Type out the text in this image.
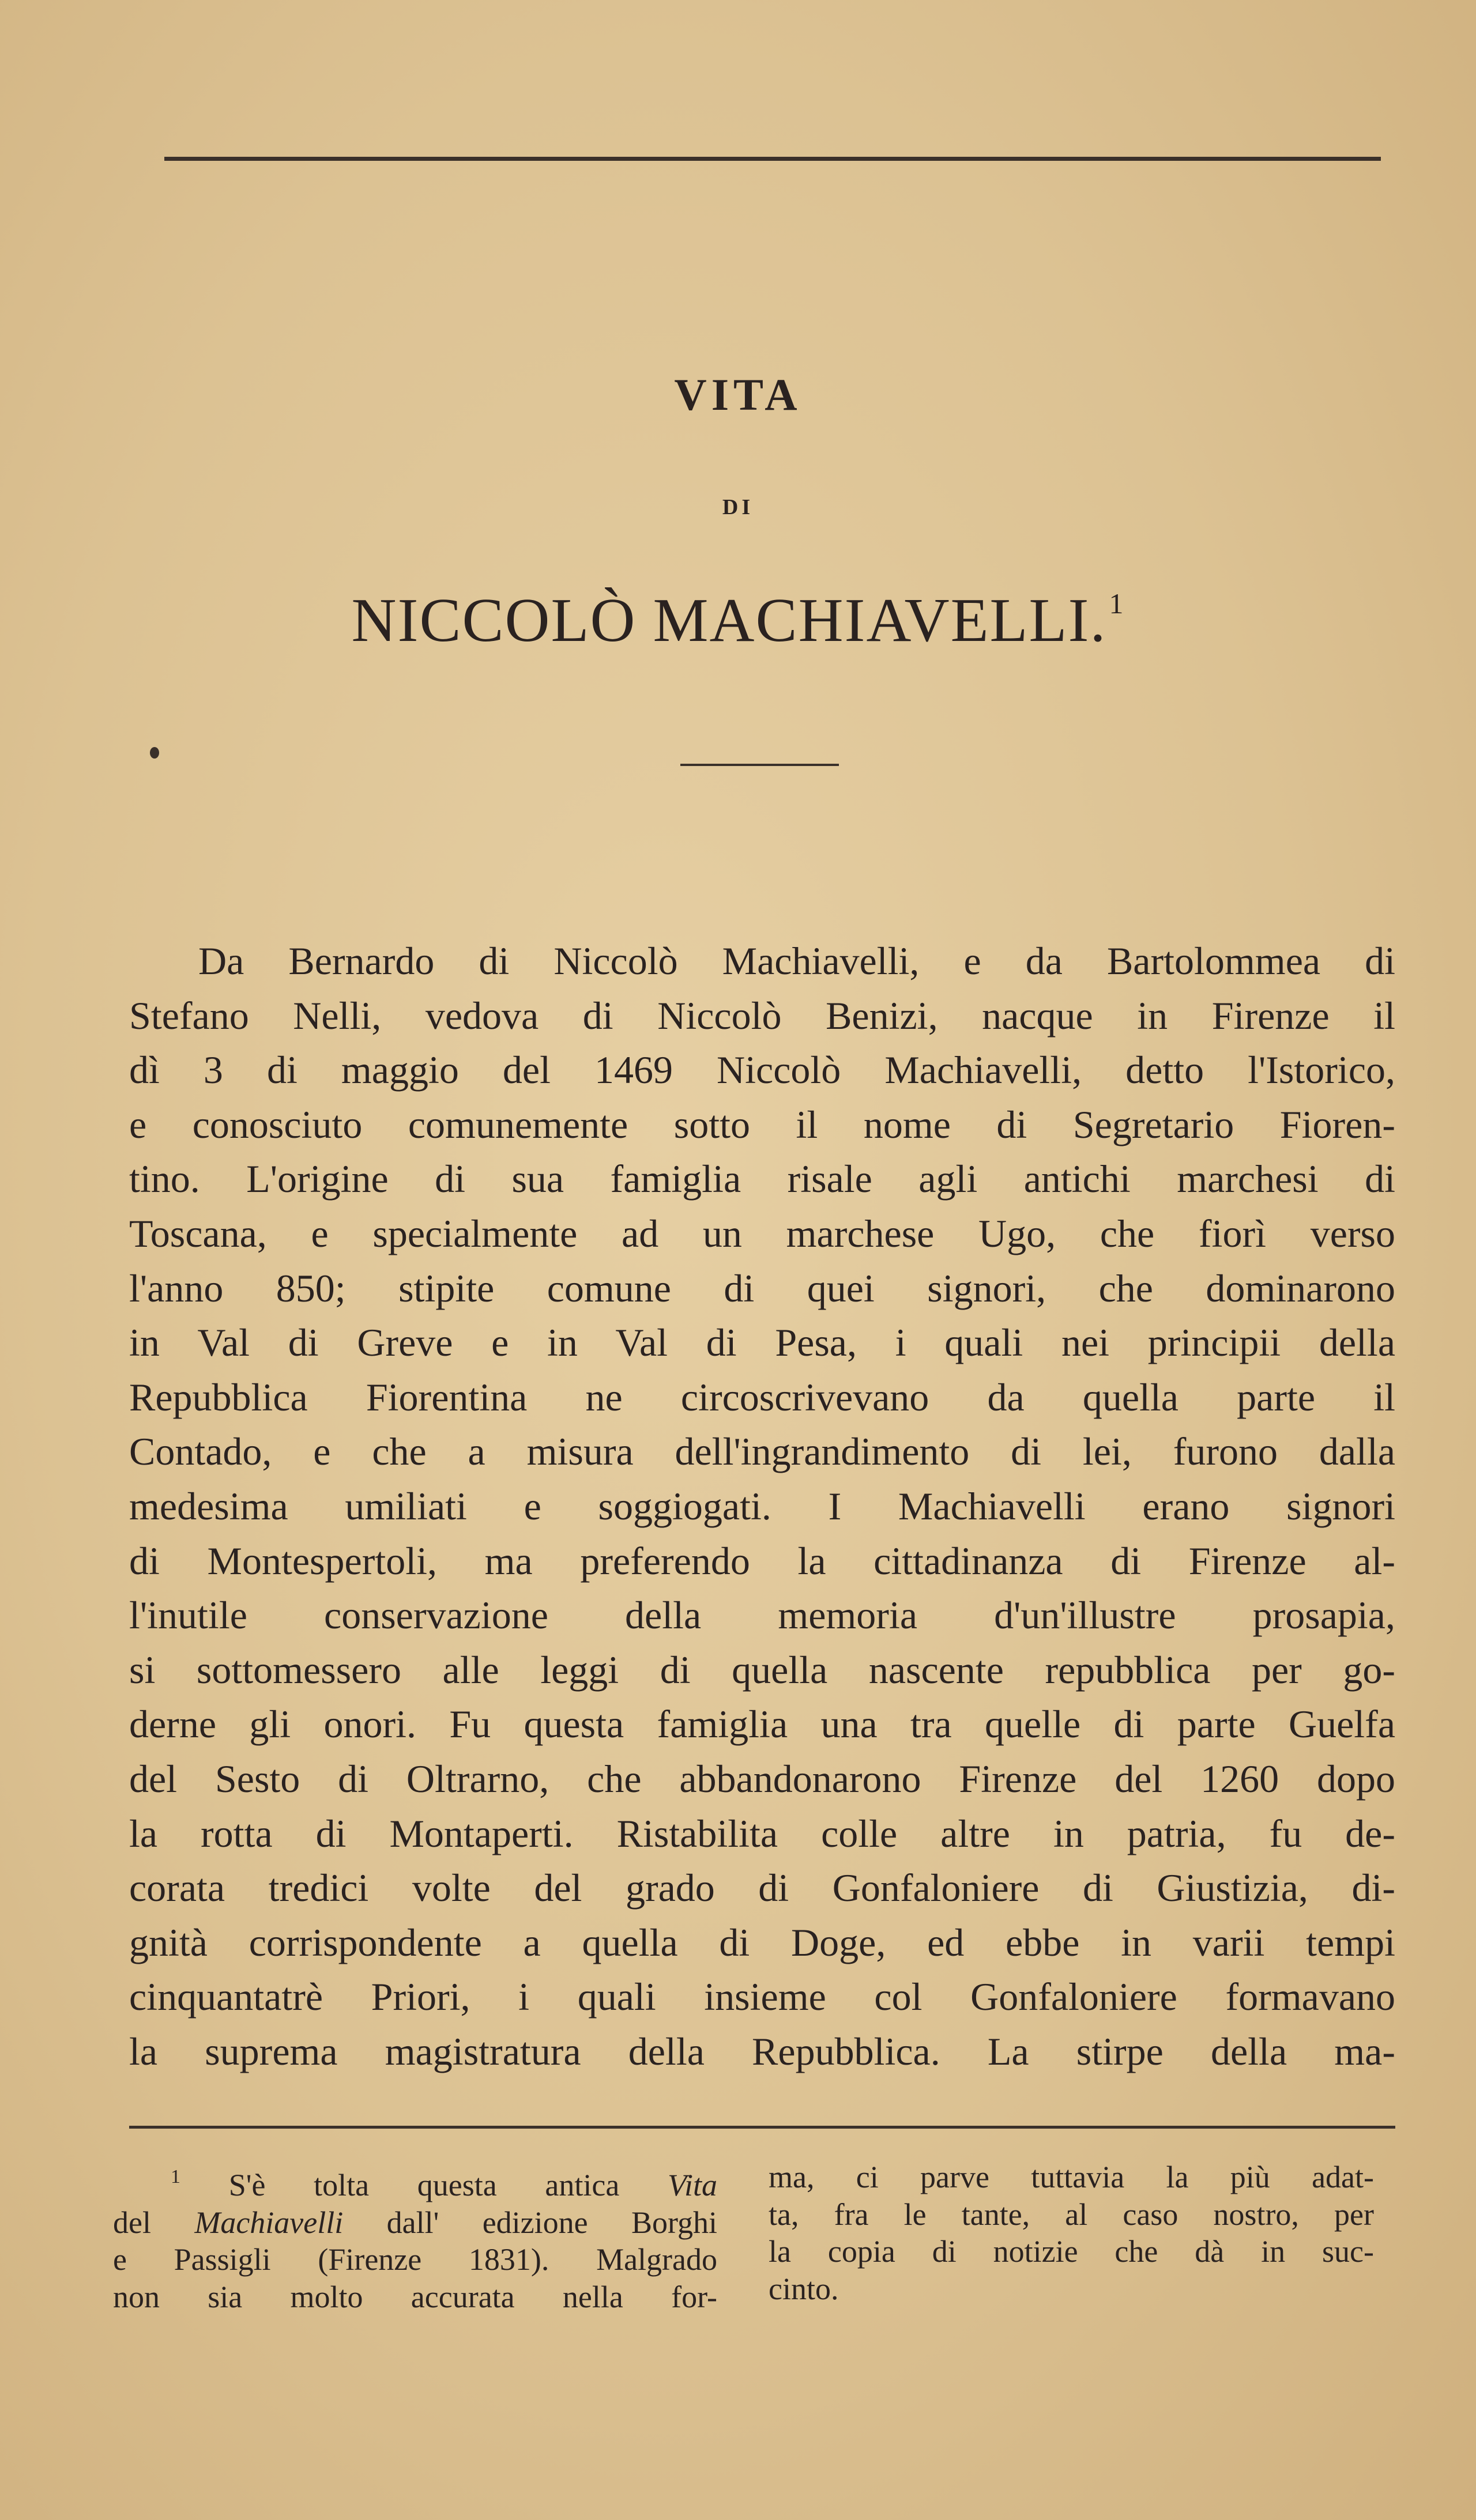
VITA
DI
NICCOLÒ MACHIAVELLI.$^1$
Da Bernardo di Niccolò Machiavelli, e da Bartolommea di
Stefano Nelli, vedova di Niccolò Benizi, nacque in Firenze il
dì 3 di maggio del 1469 Niccolò Machiavelli, detto l'Istorico,
e conosciuto comunemente sotto il nome di Segretario Fioren-
tino. L'origine di sua famiglia risale agli antichi marchesi di
Toscana, e specialmente ad un marchese Ugo, che fiorì verso
l'anno 850; stipite comune di quei signori, che dominarono
in Val di Greve e in Val di Pesa, i quali nei principii della
Repubblica Fiorentina ne circoscrivevano da quella parte il
Contado, e che a misura dell'ingrandimento di lei, furono dalla
medesima umiliati e soggiogati. I Machiavelli erano signori
di Montespertoli, ma preferendo la cittadinanza di Firenze al-
l'inutile conservazione della memoria d'un'illustre prosapia,
si sottomessero alle leggi di quella nascente repubblica per go-
derne gli onori. Fu questa famiglia una tra quelle di parte Guelfa
del Sesto di Oltrarno, che abbandonarono Firenze del 1260 dopo
la rotta di Montaperti. Ristabilita colle altre in patria, fu de-
corata tredici volte del grado di Gonfaloniere di Giustizia, di-
gnità corrispondente a quella di Doge, ed ebbe in varii tempi
cinquantatrè Priori, i quali insieme col Gonfaloniere formavano
la suprema magistratura della Repubblica. La stirpe della ma-
$^1$ S'è tolta questa antica Vita
del Machiavelli dall' edizione Borghi
e Passigli (Firenze 1831). Malgrado
non sia molto accurata nella for-
ma, ci parve tuttavia la più adat-
ta, fra le tante, al caso nostro, per
la copia di notizie che dà in suc-
cinto.
